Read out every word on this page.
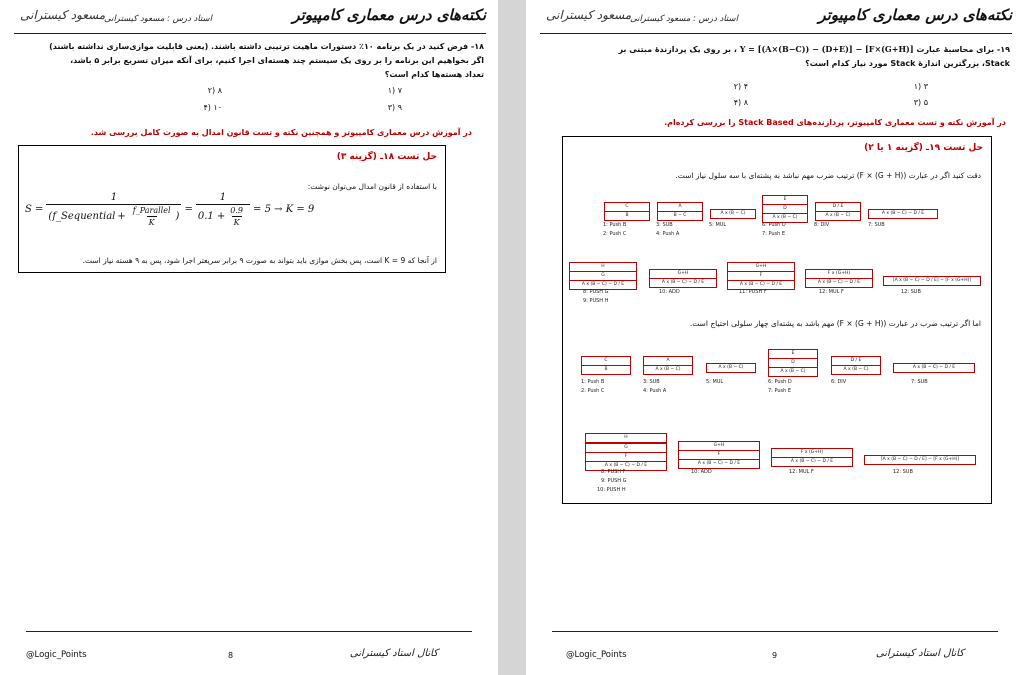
نکته‌های درس معماری کامپیوتر
استاد درس : مسعود کیسترانی
مسعود کیسترانی
۱۸- فرض کنید در یک برنامه ۱۰٪ دستورات ماهیت ترتیبی داشته باشند. (یعنی قابلیت موازی‌سازی نداشته باشند)
اگر بخواهیم این برنامه را بر روی یک سیستم چند هسته‌ای اجرا کنیم، برای آنکه میزان تسریع برابر ۵ باشد،
تعداد هسته‌ها کدام است؟
۷ (۱
۸ (۲
۹ (۳
۱۰ (۴
در آموزش درس معماری کامپیوتر و همچنین نکته و تست قانون امدال به صورت کامل بررسی شد.
حل تست ۱۸ـ (گزینه ۳)
با استفاده از قانون امدال می‌توان نوشت:
S =
1
( f_Sequential + $\frac{\text{f\_Parallel}}{K}$ )
= $\frac{1}{0.1 + \frac{0.9}{K}} = 5 \to K = 9$
از آنجا که K = 9 است، پس بخش موازی باید بتواند به صورت ۹ برابر سریعتر اجرا شود، پس به ۹ هسته نیاز است.
@Logic_Points	8	کانال استاد کیسترانی
نکته‌های درس معماری کامپیوتر
استاد درس : مسعود کیسترانی
مسعود کیسترانی
۱۹- برای محاسبهٔ عبارت Y = [(A×(B−C)) − (D+E)] − [F×(G+H)] ، بر روی یک پردازندهٔ مبتنی بر
Stack، بزرگترین اندازهٔ Stack مورد نیاز کدام است؟
۳ (۱
۴ (۲
۵ (۳
۸ (۴
در آموزش نکته و تست معماری کامپیوتر، پردازنده‌های Stack Based را بررسی کرده‌ام.
حل تست ۱۹ـ (گزینه ۱ یا ۲)
دقت کنید اگر در عبارت (F × (G + H)) ترتیب ضرب مهم نباشد به پشته‌ای با سه سلول نیاز است.
C
B
A
B − C	A x (B − C)
E
D
A x (B − C)
D / E
A x (B − C)	A x (B − C) − D / E
1: Push B
2: Push C
3: SUB
4: Push A
5: MUL	6: Push D
7: Push E
8: DIV	7: SUB
H
G
A x (B − C) − D / E
G+H
A x (B − C) − D / E
G+H
F
A x (B − C) − D / E
F x (G+H)
A x (B − C) − D / E	[A x (B − C) − D / E] − [F x (G+H)]
8: PUSH G
9: PUSH H
10: ADD	11: PUSH F	12: MUL F	12: SUB
اما اگر ترتیب ضرب در عبارت (F × (G + H)) مهم باشد به پشته‌ای چهار سلولی احتیاج است.
C
B
A
A x (B − C)	A x (B − C)
E
D
A x (B − C)
D / E
A x (B − C)	A x (B − C) − D / E
1: Push B
2: Push C
3: SUB
4: Push A
5: MUL	6: Push D
7: Push E
6: DIV	7: SUB
H
G
F
A x (B − C) − D / E
G+H
F
A x (B − C) − D / E
F x (G+H)
A x (B − C) − D / E	[A x (B − C) − D / E] − [F x (G+H)]
8: PUSH F
9: PUSH G
10: PUSH H
10: ADD	12: MUL F	12: SUB
@Logic_Points	9	کانال استاد کیسترانی
